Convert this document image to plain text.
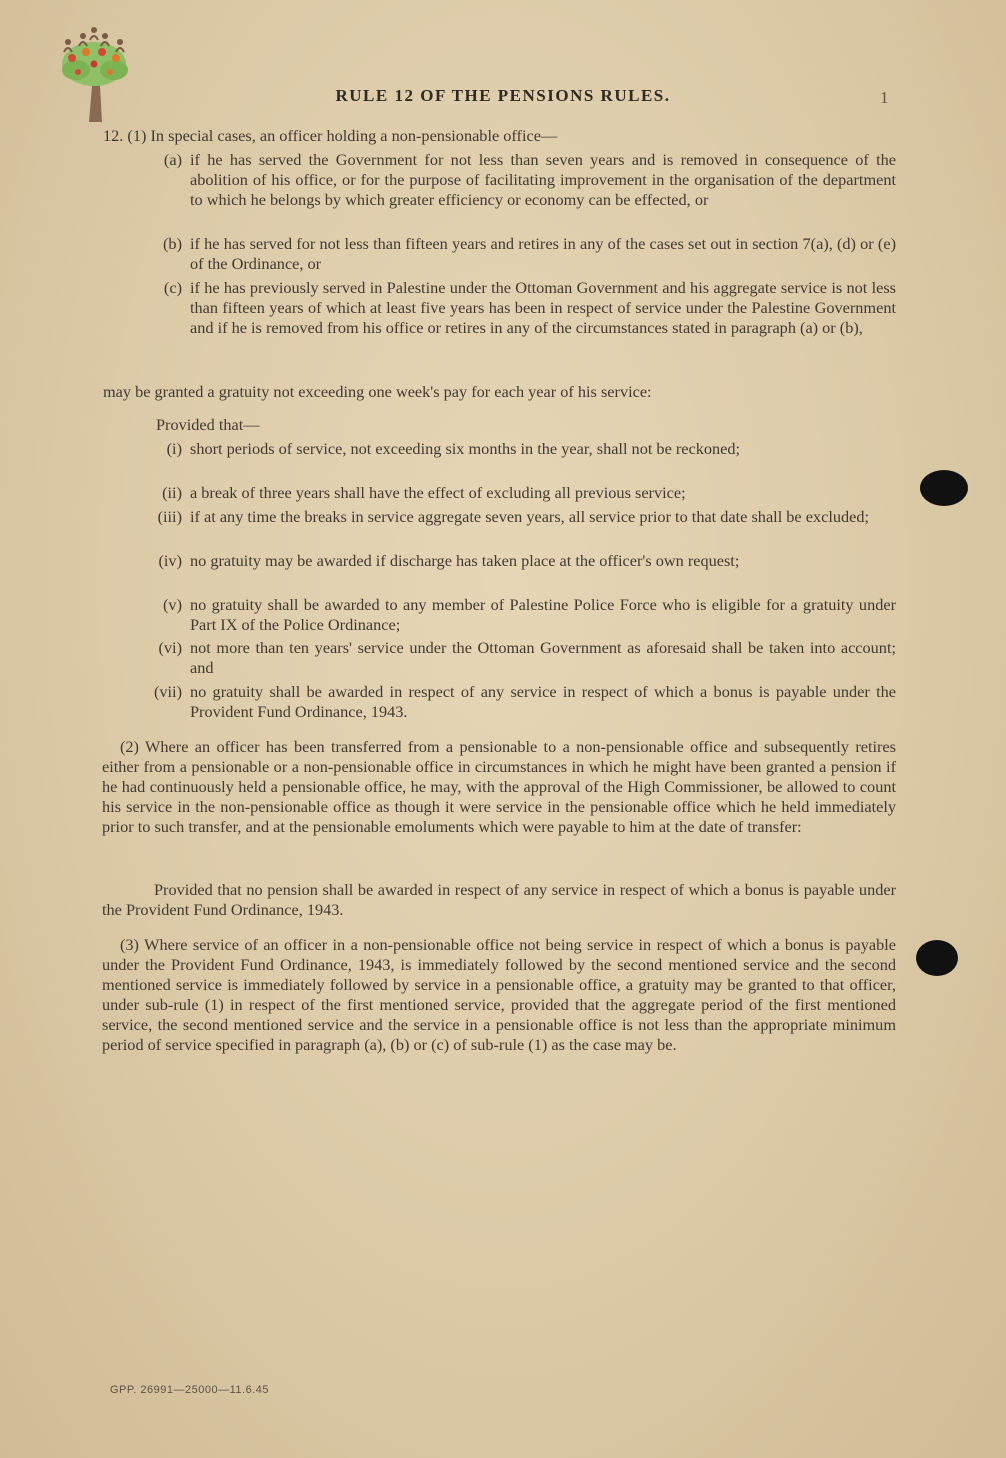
RULE 12 OF THE PENSIONS RULES.	1
12. (1) In special cases, an officer holding a non-pensionable office—
(a) if he has served the Government for not less than seven years and is removed in consequence of the abolition of his office, or for the purpose of facilitating improvement in the organisation of the department to which he belongs by which greater efficiency or economy can be effected, or

(b) if he has served for not less than fifteen years and retires in any of the cases set out in section 7(a), (d) or (e) of the Ordinance, or

(c) if he has previously served in Palestine under the Ottoman Government and his aggregate service is not less than fifteen years of which at least five years has been in respect of service under the Palestine Government and if he is removed from his office or retires in any of the circumstances stated in paragraph (a) or (b),

may be granted a gratuity not exceeding one week's pay for each year of his service:
Provided that—
(i) short periods of service, not exceeding six months in the year, shall not be reckoned;

(ii) a break of three years shall have the effect of excluding all previous service;

(iii) if at any time the breaks in service aggregate seven years, all service prior to that date shall be excluded;

(iv) no gratuity may be awarded if discharge has taken place at the officer's own request;

(v) no gratuity shall be awarded to any member of Palestine Police Force who is eligible for a gratuity under Part IX of the Police Ordinance;

(vi) not more than ten years' service under the Ottoman Government as aforesaid shall be taken into account; and

(vii) no gratuity shall be awarded in respect of any service in respect of which a bonus is payable under the Provident Fund Ordinance, 1943.

(2) Where an officer has been transferred from a pensionable to a non-pensionable office and subsequently retires either from a pensionable or a non-pensionable office in circumstances in which he might have been granted a pension if he had continuously held a pensionable office, he may, with the approval of the High Commissioner, be allowed to count his service in the non-pensionable office as though it were service in the pensionable office which he held immediately prior to such transfer, and at the pensionable emoluments which were payable to him at the date of transfer:

Provided that no pension shall be awarded in respect of any service in respect of which a bonus is payable under the Provident Fund Ordinance, 1943.

(3) Where service of an officer in a non-pensionable office not being service in respect of which a bonus is payable under the Provident Fund Ordinance, 1943, is immediately followed by the second mentioned service and the second mentioned service is immediately followed by service in a pensionable office, a gratuity may be granted to that officer, under sub-rule (1) in respect of the first mentioned service, provided that the aggregate period of the first mentioned service, the second mentioned service and the service in a pensionable office is not less than the appropriate minimum period of service specified in paragraph (a), (b) or (c) of sub-rule (1) as the case may be.

GPP. 26991—25000—11.6.45
